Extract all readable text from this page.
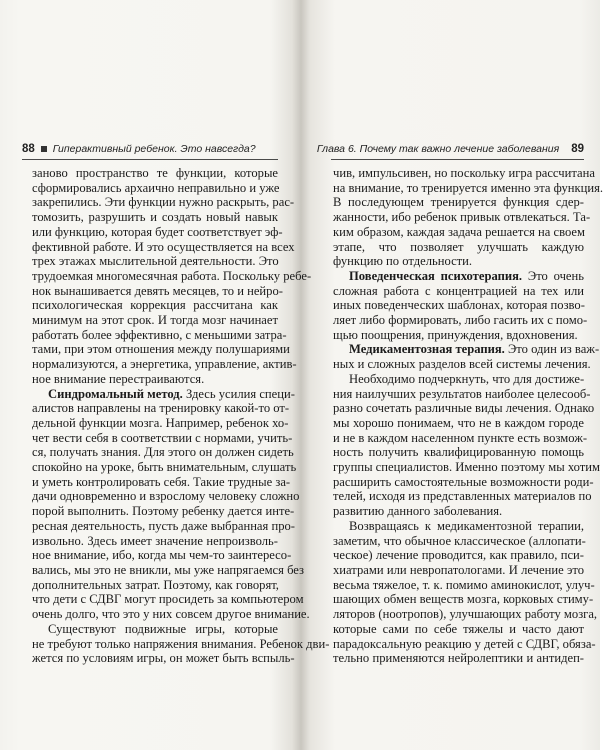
88 Гиперактивный ребенок. Это навсегда?
заново пространство те функции, которые
сформировались архаично неправильно и уже
закрепились. Эти функции нужно раскрыть, рас-
томозить, разрушить и создать новый навык
или функцию, которая будет соответствует эф-
фективной работе. И это осуществляется на всех
трех этажах мыслительной деятельности. Это
трудоемкая многомесячная работа. Поскольку ребе-
нок вынашивается девять месяцев, то и нейро-
психологическая коррекция рассчитана как
минимум на этот срок. И тогда мозг начинает
работать более эффективно, с меньшими затра-
тами, при этом отношения между полушариями
нормализуются, а энергетика, управление, актив-
ное внимание перестраиваются.
Синдромальный метод. Здесь усилия специ-
алистов направлены на тренировку какой-то от-
дельной функции мозга. Например, ребенок хо-
чет вести себя в соответствии с нормами, учить-
ся, получать знания. Для этого он должен сидеть
спокойно на уроке, быть внимательным, слушать
и уметь контролировать себя. Такие трудные за-
дачи одновременно и взрослому человеку сложно
порой выполнить. Поэтому ребенку дается инте-
ресная деятельность, пусть даже выбранная про-
извольно. Здесь имеет значение непроизволь-
ное внимание, ибо, когда мы чем-то заинтересо-
вались, мы это не вникли, мы уже напрягаемся без
дополнительных затрат. Поэтому, как говорят,
что дети с СДВГ могут просидеть за компьютером
очень долго, что это у них совсем другое внимание.
Существуют подвижные игры, которые
не требуют только напряжения внимания. Ребенок дви-
жется по условиям игры, он может быть вспыль-
Глава 6. Почему так важно лечение заболевания 89
чив, импульсивен, но поскольку игра рассчитана
на внимание, то тренируется именно эта функция.
В последующем тренируется функция сдер-
жанности, ибо ребенок привык отвлекаться. Та-
ким образом, каждая задача решается на своем
этапе, что позволяет улучшать каждую
функцию по отдельности.
Поведенческая психотерапия. Это очень
сложная работа с концентрацией на тех или
иных поведенческих шаблонах, которая позво-
ляет либо формировать, либо гасить их с помо-
щью поощрения, принуждения, вдохновения.
Медикаментозная терапия. Это один из важ-
ных и сложных разделов всей системы лечения.
Необходимо подчеркнуть, что для достиже-
ния наилучших результатов наиболее целесооб-
разно сочетать различные виды лечения. Однако
мы хорошо понимаем, что не в каждом городе
и не в каждом населенном пункте есть возмож-
ность получить квалифицированную помощь
группы специалистов. Именно поэтому мы хотим
расширить самостоятельные возможности роди-
телей, исходя из представленных материалов по
развитию данного заболевания.
Возвращаясь к медикаментозной терапии,
заметим, что обычное классическое (аллопати-
ческое) лечение проводится, как правило, пси-
хиатрами или невропатологами. И лечение это
весьма тяжелое, т. к. помимо аминокислот, улуч-
шающих обмен веществ мозга, корковых стиму-
ляторов (ноотропов), улучшающих работу мозга,
которые сами по себе тяжелы и часто дают
парадоксальную реакцию у детей с СДВГ, обяза-
тельно применяются нейролептики и антидеп-
